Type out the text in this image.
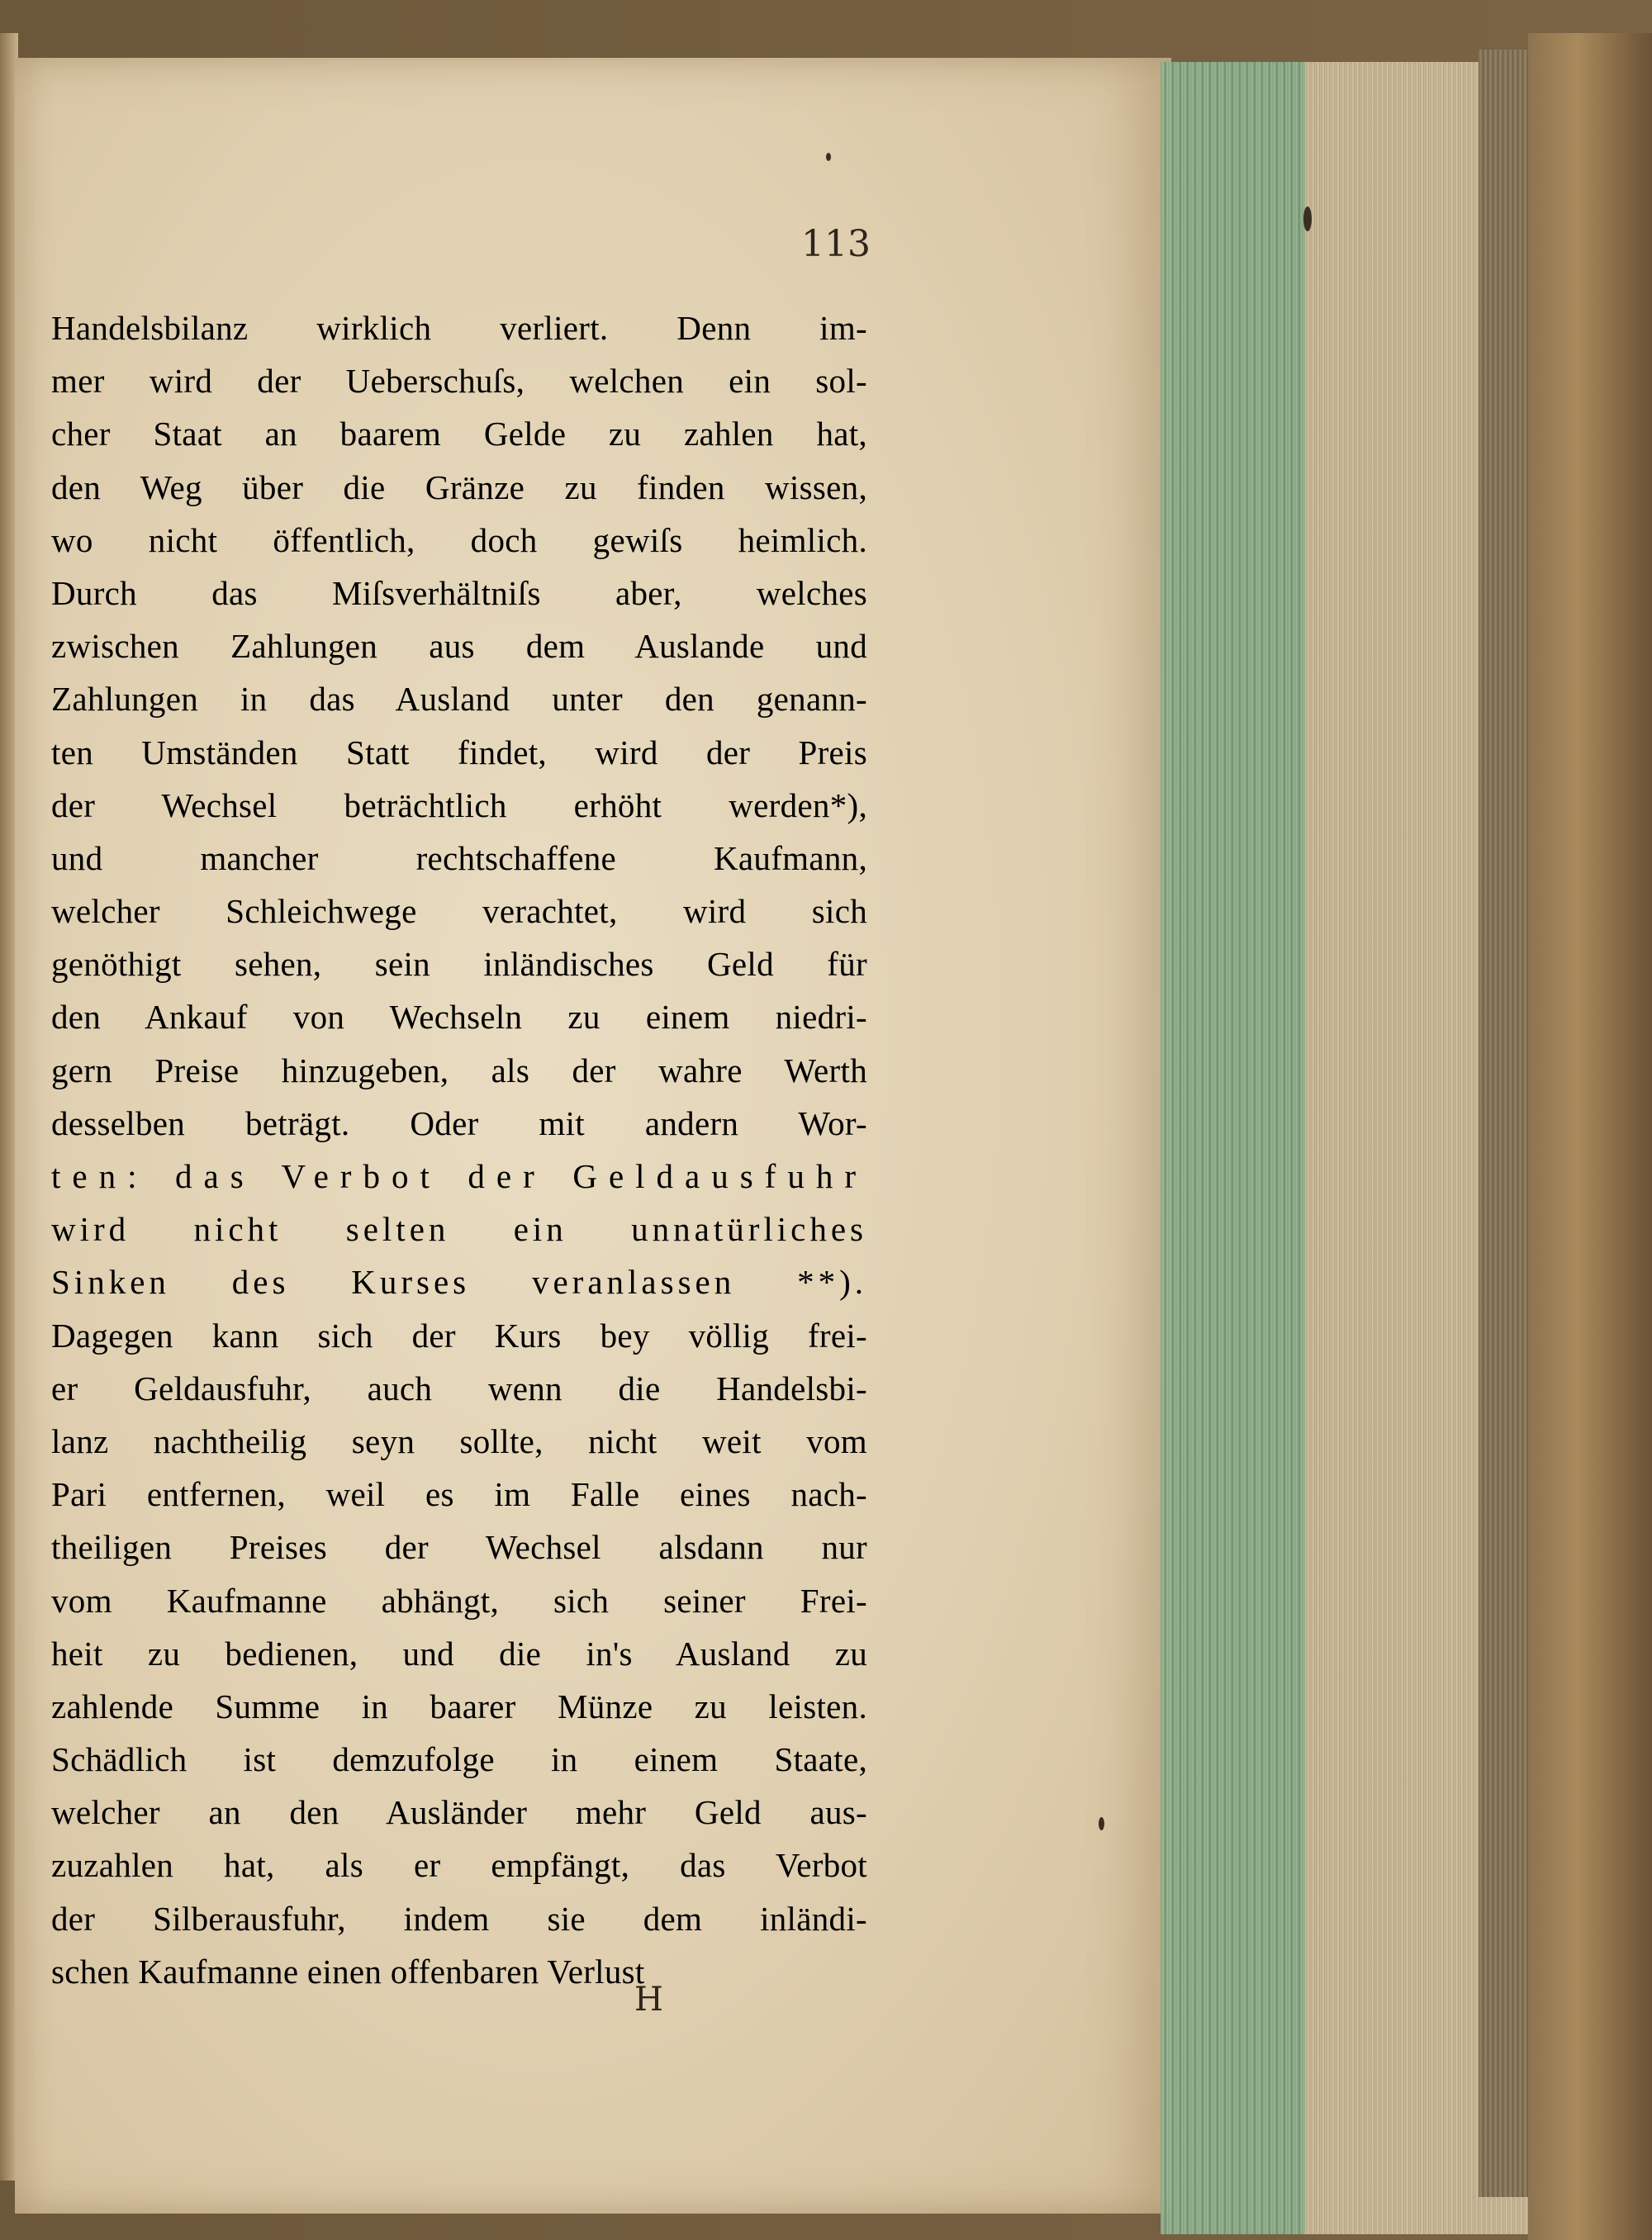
113
Handelsbilanz wirklich verliert. Denn im-
mer wird der Ueberschuſs, welchen ein sol-
cher Staat an baarem Gelde zu zahlen hat,
den Weg über die Gränze zu finden wissen,
wo nicht öffentlich, doch gewiſs heimlich.
Durch das Miſsverhältniſs aber, welches
zwischen Zahlungen aus dem Auslande und
Zahlungen in das Ausland unter den genann-
ten Umständen Statt findet, wird der Preis
der Wechsel beträchtlich erhöht werden*),
und mancher rechtschaffene Kaufmann,
welcher Schleichwege verachtet, wird sich
genöthigt sehen, sein inländisches Geld für
den Ankauf von Wechseln zu einem niedri-
gern Preise hinzugeben, als der wahre Werth
desselben beträgt. Oder mit andern Wor-
ten: das Verbot der Geldausfuhr
wird nicht selten ein unnatürliches
Sinken des Kurses veranlassen **).
Dagegen kann sich der Kurs bey völlig frei-
er Geldausfuhr, auch wenn die Handelsbi-
lanz nachtheilig seyn sollte, nicht weit vom
Pari entfernen, weil es im Falle eines nach-
theiligen Preises der Wechsel alsdann nur
vom Kaufmanne abhängt, sich seiner Frei-
heit zu bedienen, und die in's Ausland zu
zahlende Summe in baarer Münze zu leisten.
Schädlich ist demzufolge in einem Staate,
welcher an den Ausländer mehr Geld aus-
zuzahlen hat, als er empfängt, das Verbot
der Silberausfuhr, indem sie dem inländi-
schen Kaufmanne einen offenbaren Verlust
H
